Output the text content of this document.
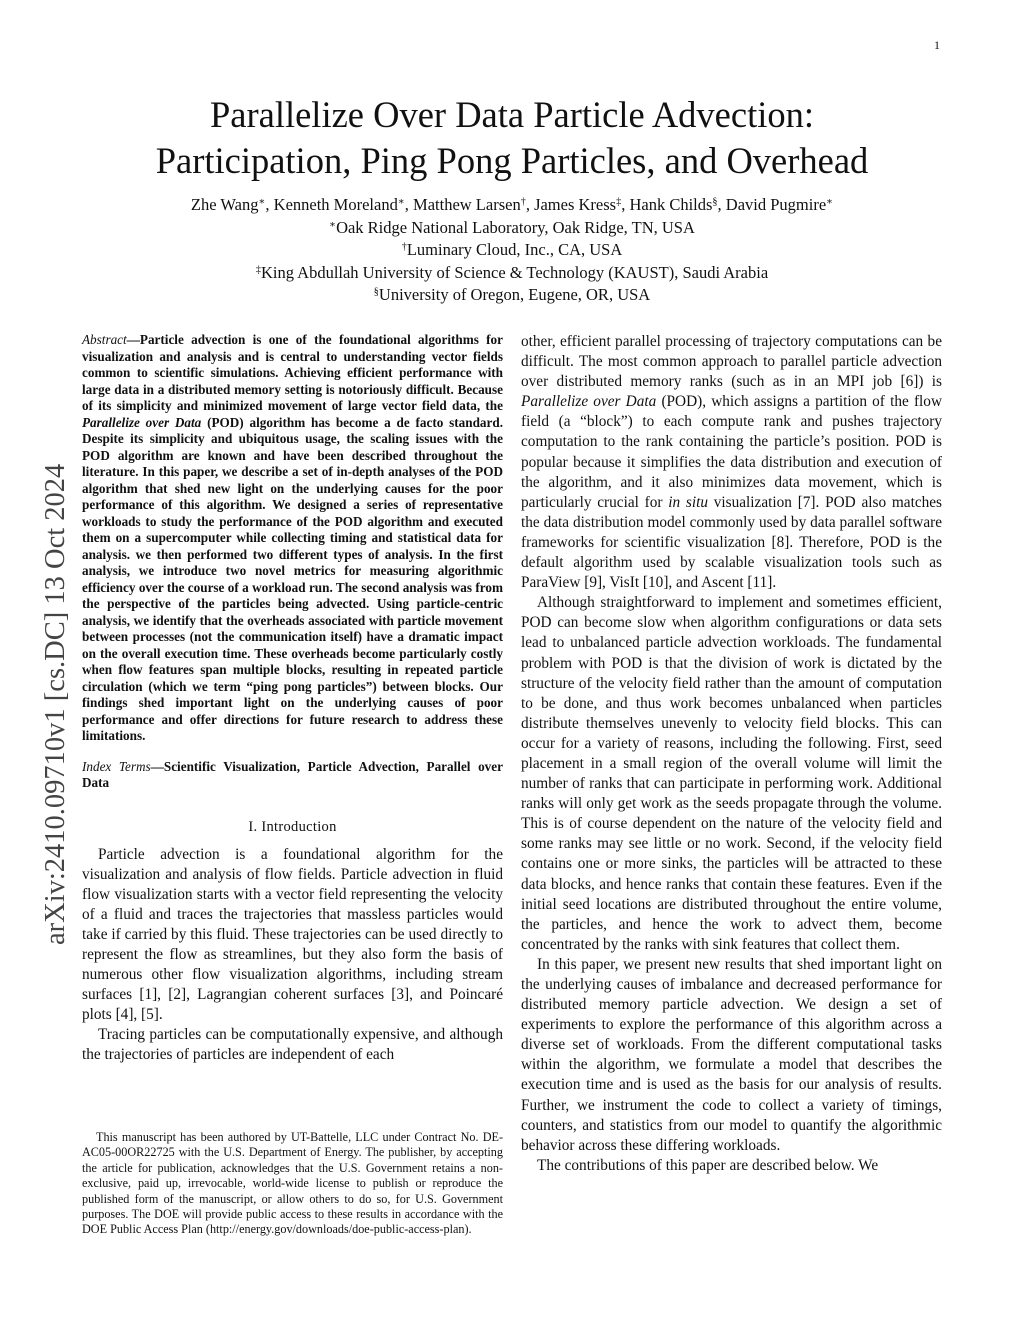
1
arXiv:2410.09710v1 [cs.DC] 13 Oct 2024
Parallelize Over Data Particle Advection:
Participation, Ping Pong Particles, and Overhead
Zhe Wang∗, Kenneth Moreland∗, Matthew Larsen†, James Kress‡, Hank Childs§, David Pugmire∗
∗Oak Ridge National Laboratory, Oak Ridge, TN, USA
†Luminary Cloud, Inc., CA, USA
‡King Abdullah University of Science & Technology (KAUST), Saudi Arabia
§University of Oregon, Eugene, OR, USA

Abstract—Particle advection is one of the foundational algorithms for visualization and analysis and is central to understanding vector fields common to scientific simulations. Achieving efficient performance with large data in a distributed memory setting is notoriously difficult. Because of its simplicity and minimized movement of large vector field data, the Parallelize over Data (POD) algorithm has become a de facto standard. Despite its simplicity and ubiquitous usage, the scaling issues with the POD algorithm are known and have been described throughout the literature. In this paper, we describe a set of in-depth analyses of the POD algorithm that shed new light on the underlying causes for the poor performance of this algorithm. We designed a series of representative workloads to study the performance of the POD algorithm and executed them on a supercomputer while collecting timing and statistical data for analysis. we then performed two different types of analysis. In the first analysis, we introduce two novel metrics for measuring algorithmic efficiency over the course of a workload run. The second analysis was from the perspective of the particles being advected. Using particle-centric analysis, we identify that the overheads associated with particle movement between processes (not the communication itself) have a dramatic impact on the overall execution time. These overheads become particularly costly when flow features span multiple blocks, resulting in repeated particle circulation (which we term “ping pong particles”) between blocks. Our findings shed important light on the underlying causes of poor performance and offer directions for future research to address these limitations.

Index Terms—Scientific Visualization, Particle Advection, Parallel over Data

I. Introduction

Particle advection is a foundational algorithm for the visualization and analysis of flow fields. Particle advection in fluid flow visualization starts with a vector field representing the velocity of a fluid and traces the trajectories that massless particles would take if carried by this fluid. These trajectories can be used directly to represent the flow as streamlines, but they also form the basis of numerous other flow visualization algorithms, including stream surfaces [1], [2], Lagrangian coherent surfaces [3], and Poincaré plots [4], [5].

Tracing particles can be computationally expensive, and although the trajectories of particles are independent of each

This manuscript has been authored by UT-Battelle, LLC under Contract No. DE-AC05-00OR22725 with the U.S. Department of Energy. The publisher, by accepting the article for publication, acknowledges that the U.S. Government retains a non-exclusive, paid up, irrevocable, world-wide license to publish or reproduce the published form of the manuscript, or allow others to do so, for U.S. Government purposes. The DOE will provide public access to these results in accordance with the DOE Public Access Plan (http://energy.gov/downloads/doe-public-access-plan).

other, efficient parallel processing of trajectory computations can be difficult. The most common approach to parallel particle advection over distributed memory ranks (such as in an MPI job [6]) is Parallelize over Data (POD), which assigns a partition of the flow field (a “block”) to each compute rank and pushes trajectory computation to the rank containing the particle’s position. POD is popular because it simplifies the data distribution and execution of the algorithm, and it also minimizes data movement, which is particularly crucial for in situ visualization [7]. POD also matches the data distribution model commonly used by data parallel software frameworks for scientific visualization [8]. Therefore, POD is the default algorithm used by scalable visualization tools such as ParaView [9], VisIt [10], and Ascent [11].

Although straightforward to implement and sometimes efficient, POD can become slow when algorithm configurations or data sets lead to unbalanced particle advection workloads. The fundamental problem with POD is that the division of work is dictated by the structure of the velocity field rather than the amount of computation to be done, and thus work becomes unbalanced when particles distribute themselves unevenly to velocity field blocks. This can occur for a variety of reasons, including the following. First, seed placement in a small region of the overall volume will limit the number of ranks that can participate in performing work. Additional ranks will only get work as the seeds propagate through the volume. This is of course dependent on the nature of the velocity field and some ranks may see little or no work. Second, if the velocity field contains one or more sinks, the particles will be attracted to these data blocks, and hence ranks that contain these features. Even if the initial seed locations are distributed throughout the entire volume, the particles, and hence the work to advect them, become concentrated by the ranks with sink features that collect them.

In this paper, we present new results that shed important light on the underlying causes of imbalance and decreased performance for distributed memory particle advection. We design a set of experiments to explore the performance of this algorithm across a diverse set of workloads. From the different computational tasks within the algorithm, we formulate a model that describes the execution time and is used as the basis for our analysis of results. Further, we instrument the code to collect a variety of timings, counters, and statistics from our model to quantify the algorithmic behavior across these differing workloads.

The contributions of this paper are described below. We
